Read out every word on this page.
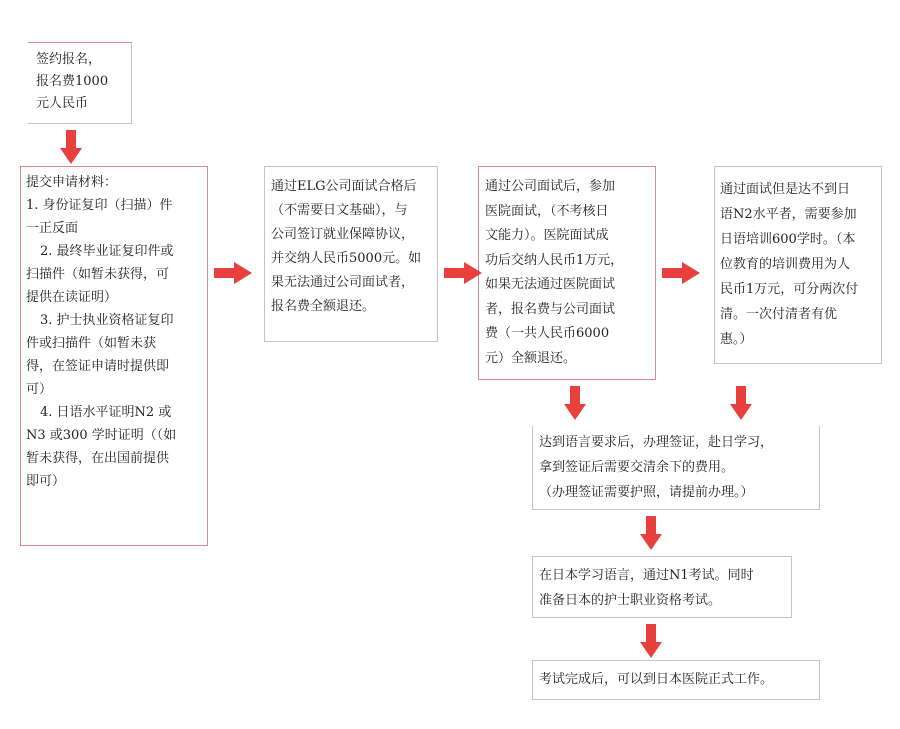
签约报名，

报名费1000

元人民币

提交申请材料：

1. 身份证复印（扫描）件

一正反面

2. 最终毕业证复印件或

扫描件（如暂未获得，可

提供在读证明）

3. 护士执业资格证复印

件或扫描件（如暂未获

得，在签证申请时提供即

可）

4. 日语水平证明N2 或

N3 或300 学时证明（（如

暂未获得，在出国前提供

即可）

通过ELG公司面试合格后

（不需要日文基础），与

公司签订就业保障协议，

并交纳人民币5000元。如

果无法通过公司面试者，

报名费全额退还。

通过公司面试后，参加

医院面试，（不考核日

文能力）。医院面试成

功后交纳人民币1万元，

如果无法通过医院面试

者，报名费与公司面试

费（一共人民币6000

元）全额退还。

通过面试但是达不到日

语N2水平者，需要参加

日语培训600学时。（本

位教育的培训费用为人

民币1万元，可分两次付

清。一次付清者有优

惠。）

达到语言要求后，办理签证，赴日学习，

拿到签证后需要交清余下的费用。

（办理签证需要护照，请提前办理。）

在日本学习语言，通过N1考试。同时

准备日本的护士职业资格考试。

考试完成后，可以到日本医院正式工作。
